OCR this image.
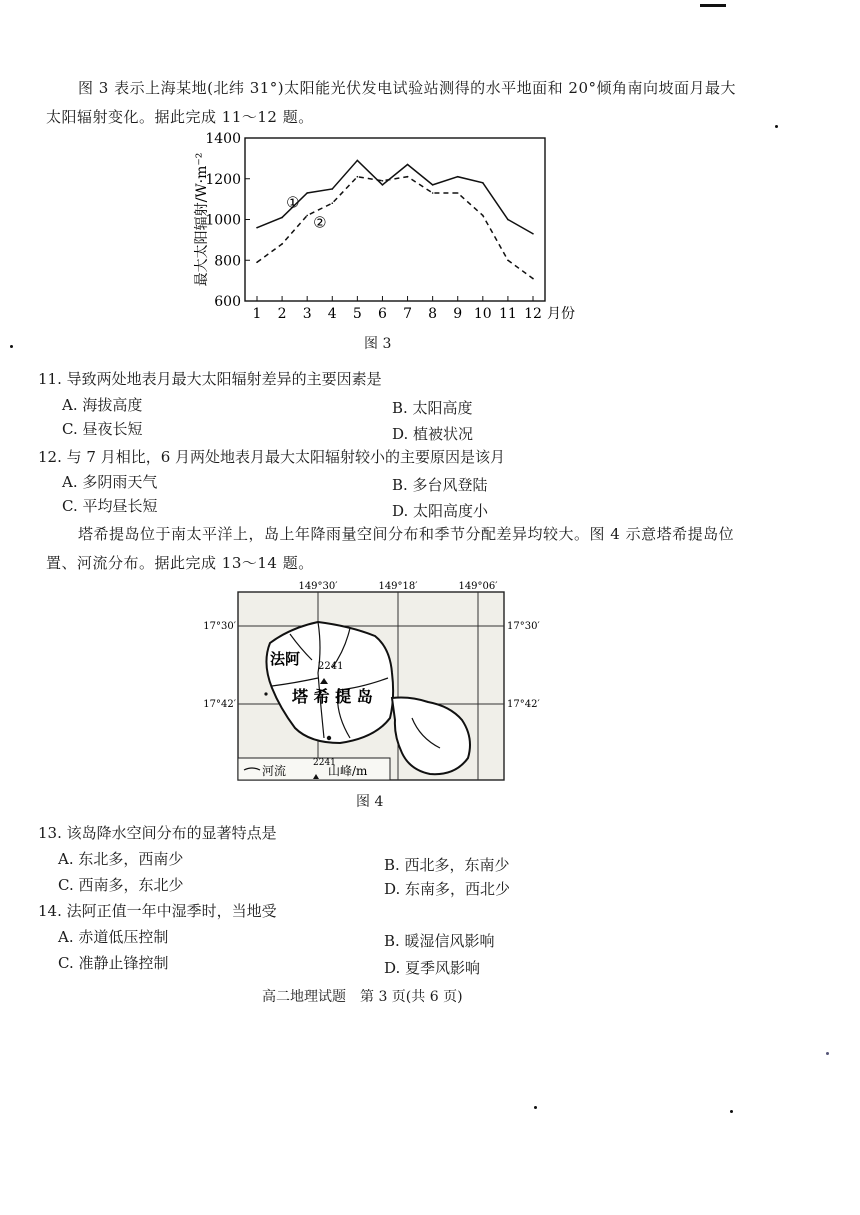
图 3 表示上海某地(北纬 31°)太阳能光伏发电试验站测得的水平地面和 20°倾角南向坡面月最大太阳辐射变化。据此完成 11～12 题。
600
800
1000
1200
1400
1 2 3 4 5 6 7 8 9 10 11 12 月份
最大太阳辐射/W·m⁻²	①
②
图 3
11. 导致两处地表月最大太阳辐射差异的主要因素是
A. 海拔高度	B. 太阳高度
C. 昼夜长短	D. 植被状况
12. 与 7 月相比，6 月两处地表月最大太阳辐射较小的主要原因是该月
A. 多阴雨天气	B. 多台风登陆
C. 平均昼长短	D. 太阳高度小
塔希提岛位于南太平洋上，岛上年降雨量空间分布和季节分配差异均较大。图 4 示意塔希提岛位置、河流分布。据此完成 13～14 题。
149°30′	149°18′	149°06′
17°30′	17°30′
17°42′	17°42′
法阿 2241
塔 希 提 岛
河流
2241
山峰/m
图 4
13. 该岛降水空间分布的显著特点是
A. 东北多，西南少	B. 西北多，东南少
C. 西南多，东北少	D. 东南多，西北少
14. 法阿正值一年中湿季时，当地受
A. 赤道低压控制	B. 暖湿信风影响
C. 准静止锋控制	D. 夏季风影响
高二地理试题　第 3 页(共 6 页)
